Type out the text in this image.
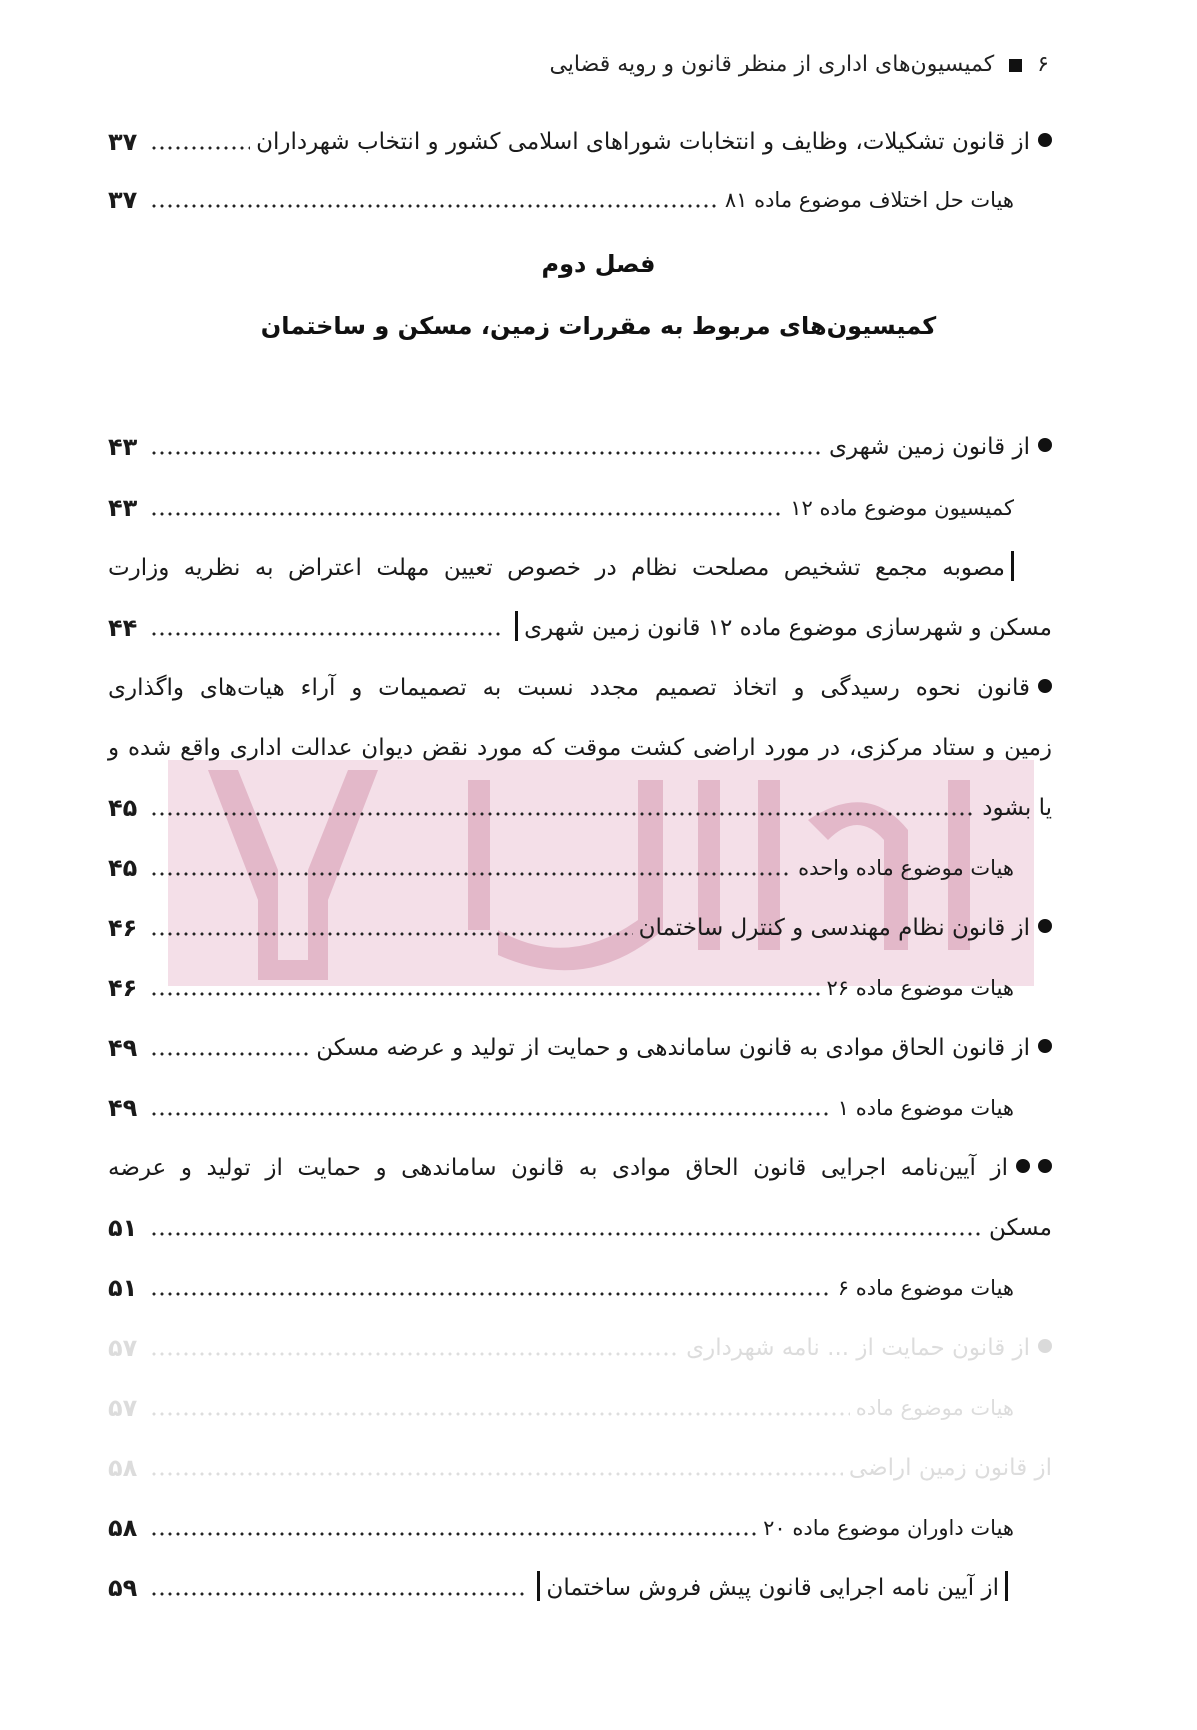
۶  کمیسیون‌های اداری از منظر قانون و رویه قضایی
از قانون تشکیلات، وظایف و انتخابات شوراهای اسلامی کشور و انتخاب شهرداران
۳۷
هیات حل اختلاف موضوع ماده ۸۱
۳۷
فصل دوم
کمیسیون‌های مربوط به مقررات زمین، مسکن و ساختمان
از قانون زمین شهری
۴۳
کمیسیون موضوع ماده ۱۲
۴۳
مصوبه مجمع تشخیص مصلحت نظام در خصوص تعیین مهلت اعتراض به نظریه وزارت
مسکن و شهرسازی موضوع ماده ۱۲ قانون زمین شهری
۴۴
قانون نحوه رسیدگی و اتخاذ تصمیم مجدد نسبت به تصمیمات و آراء هیات‌های واگذاری
زمین و ستاد مرکزی، در مورد اراضی کشت موقت که مورد نقض دیوان عدالت اداری واقع شده و
یا بشود
۴۵
هیات موضوع ماده واحده
۴۵
از قانون نظام مهندسی و کنترل ساختمان
۴۶
هیات موضوع ماده ۲۶
۴۶
از قانون الحاق موادی به قانون ساماندهی و حمایت از تولید و عرضه مسکن
۴۹
هیات موضوع ماده ۱
۴۹
از آیین‌نامه اجرایی قانون الحاق موادی به قانون ساماندهی و حمایت از تولید و عرضه
مسکن
۵۱
هیات موضوع ماده ۶
۵۱
از قانون حمایت از ... نامه شهرداری
۵۷
هیات موضوع ماده
۵۷
از قانون زمین اراضی
۵۸
هیات داوران موضوع ماده ۲۰
۵۸
از آیین نامه اجرایی قانون پیش فروش ساختمان
۵۹
